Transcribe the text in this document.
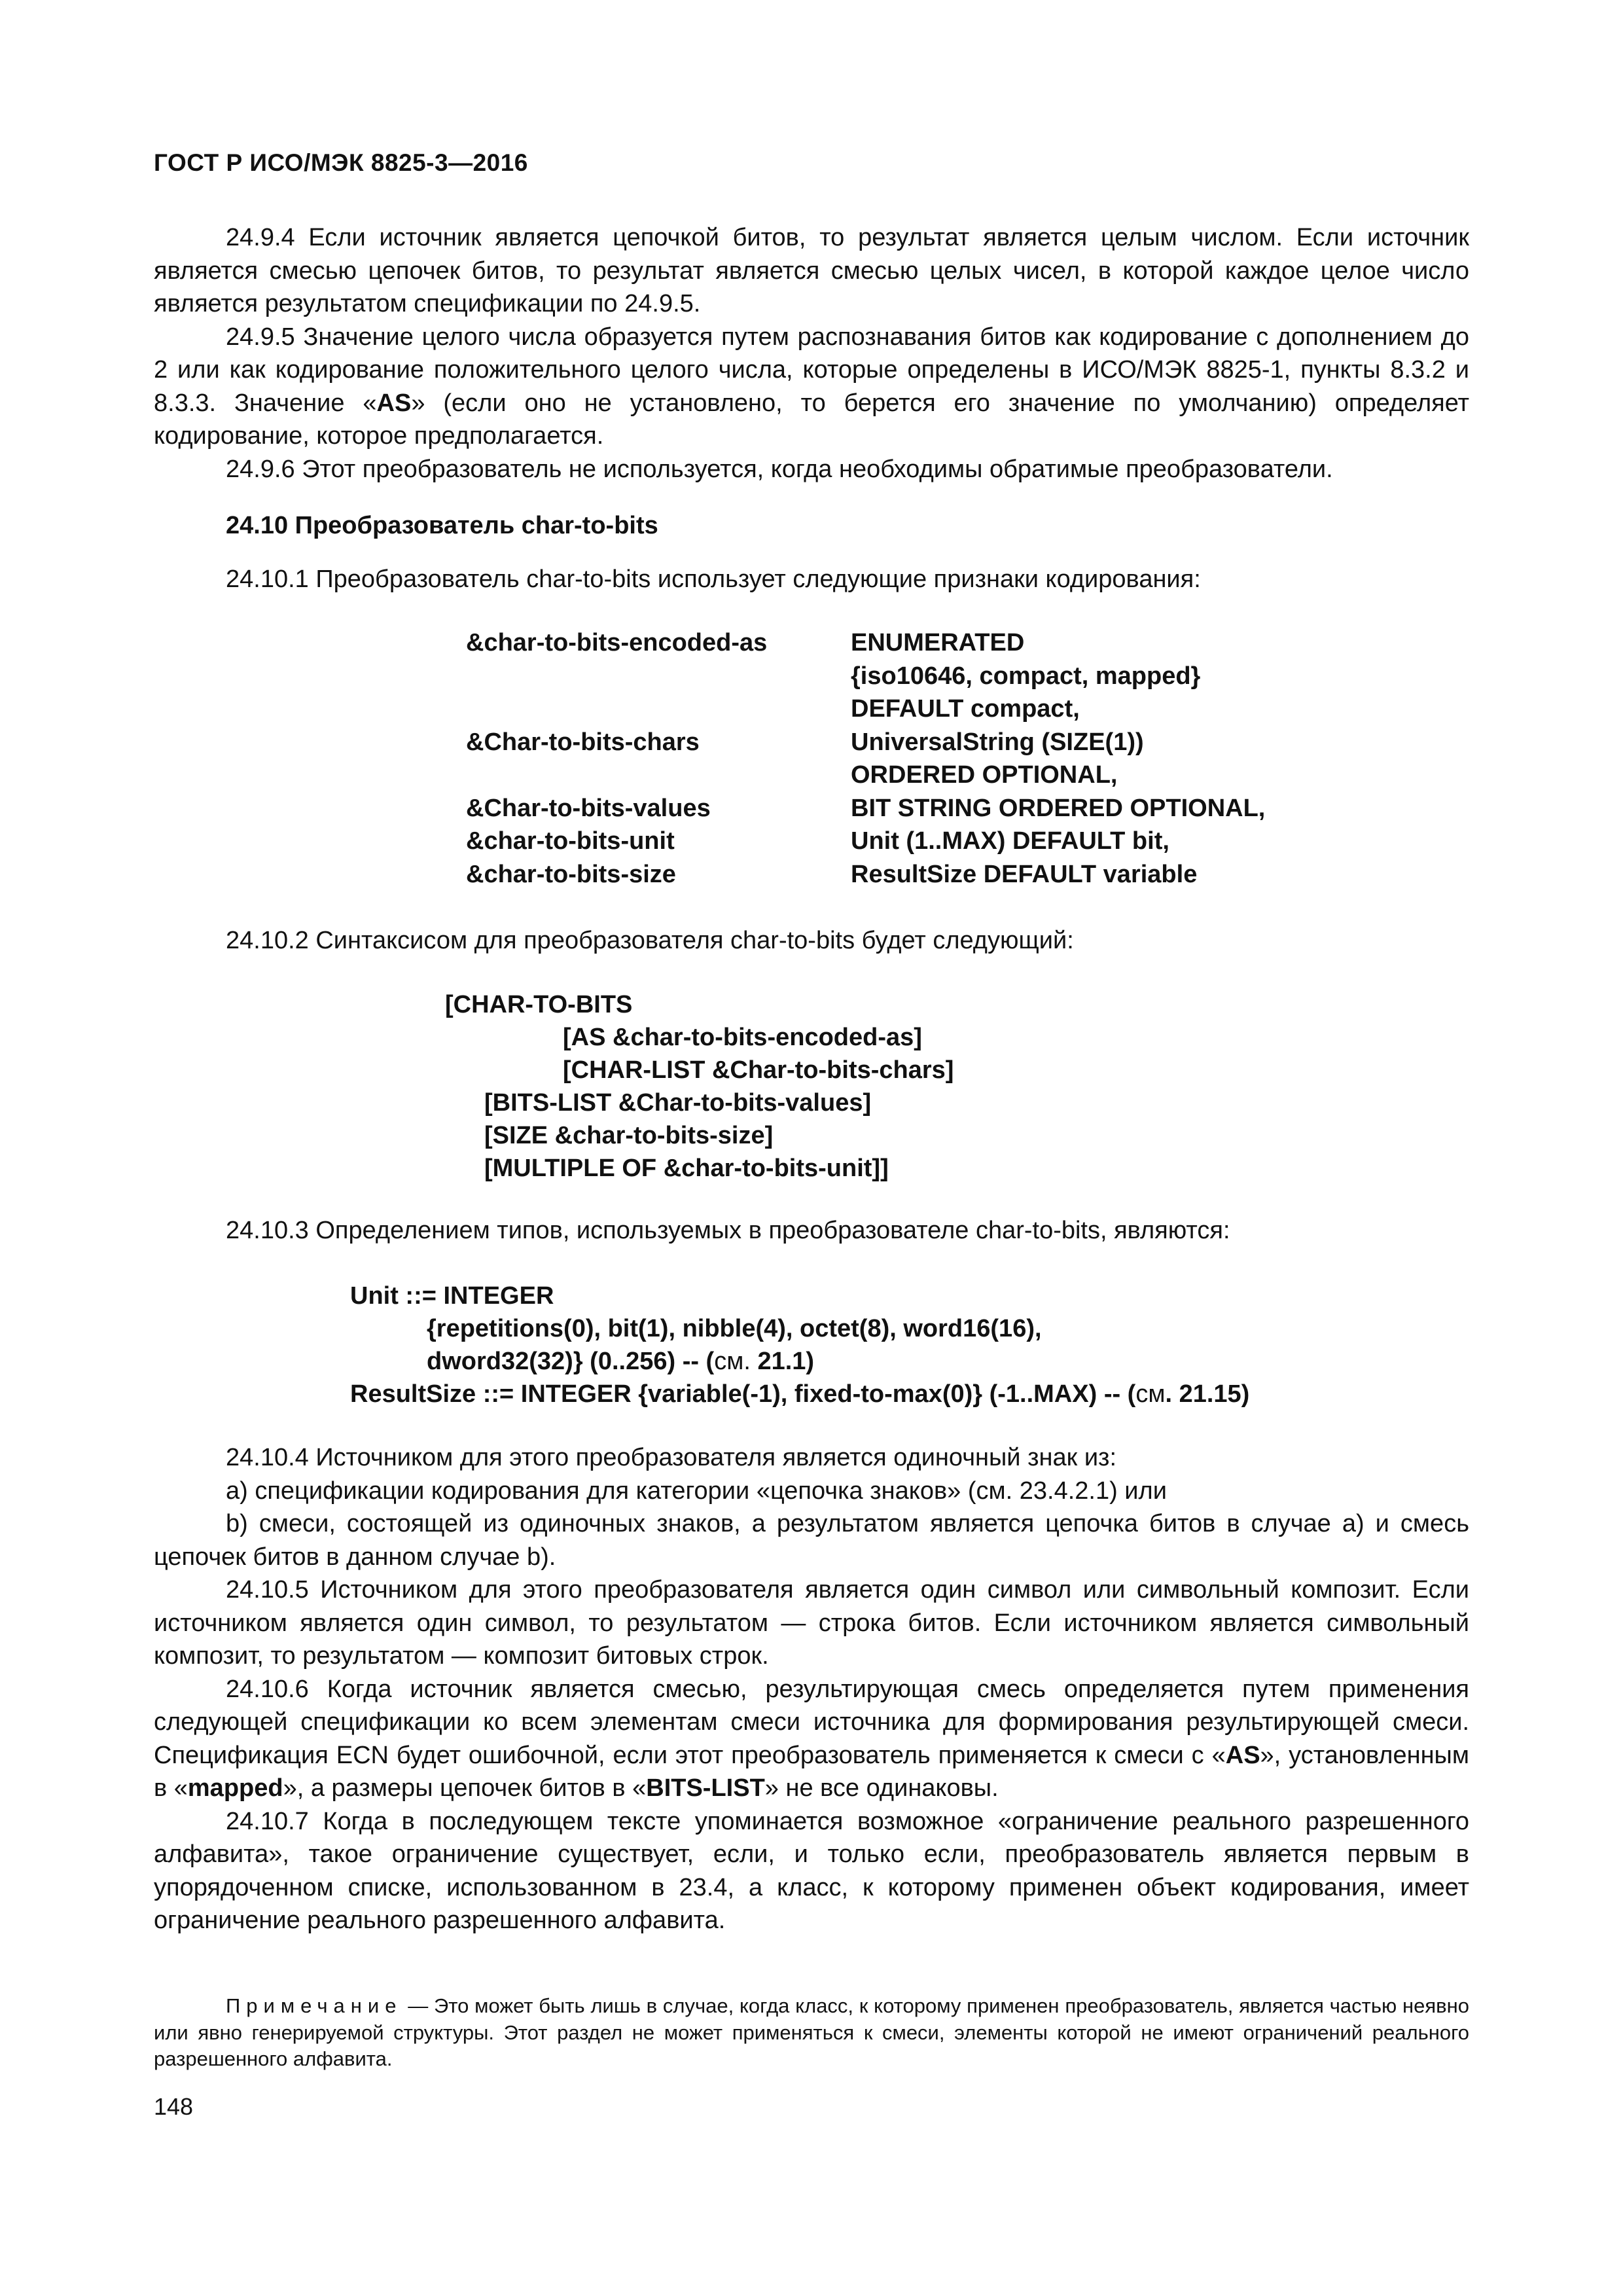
ГОСТ Р ИСО/МЭК 8825-3—2016

24.9.4 Если источник является цепочкой битов, то результат является целым числом. Если источник является смесью цепочек битов, то результат является смесью целых чисел, в которой каждое целое число является результатом спецификации по 24.9.5.

24.9.5 Значение целого числа образуется путем распознавания битов как кодирование с дополнением до 2 или как кодирование положительного целого числа, которые определены в ИСО/МЭК 8825-1, пункты 8.3.2 и 8.3.3. Значение «AS» (если оно не установлено, то берется его значение по умолчанию) определяет кодирование, которое предполагается.

24.9.6 Этот преобразователь не используется, когда необходимы обратимые преобразователи.

24.10 Преобразователь char-to-bits
24.10.1 Преобразователь char-to-bits использует следующие признаки кодирования:
&char-to-bits-encoded-as	ENUMERATED
{iso10646, compact, mapped}
DEFAULT compact,
&Char-to-bits-chars	UniversalString (SIZE(1))
ORDERED OPTIONAL,
&Char-to-bits-values	BIT STRING ORDERED OPTIONAL,
&char-to-bits-unit	Unit (1..MAX) DEFAULT bit,
&char-to-bits-size	ResultSize DEFAULT variable
24.10.2 Синтаксисом для преобразователя char-to-bits будет следующий:
[CHAR-TO-BITS
[AS &char-to-bits-encoded-as]
[CHAR-LIST &Char-to-bits-chars]
[BITS-LIST &Char-to-bits-values]
[SIZE &char-to-bits-size]
[MULTIPLE OF &char-to-bits-unit]]
24.10.3 Определением типов, используемых в преобразователе char-to-bits, являются:
Unit ::= INTEGER
{repetitions(0), bit(1), nibble(4), octet(8), word16(16),
dword32(32)} (0..256) -- (см. 21.1)
ResultSize ::= INTEGER {variable(-1), fixed-to-max(0)} (-1..MAX) -- (см. 21.15)

24.10.4 Источником для этого преобразователя является одиночный знак из:

a) спецификации кодирования для категории «цепочка знаков» (см. 23.4.2.1) или

b) смеси, состоящей из одиночных знаков, а результатом является цепочка битов в случае a) и смесь цепочек битов в данном случае b).

24.10.5 Источником для этого преобразователя является один символ или символьный композит. Если источником является один символ, то результатом — строка битов. Если источником является символьный композит, то результатом — композит битовых строк.

24.10.6 Когда источник является смесью, результирующая смесь определяется путем применения следующей спецификации ко всем элементам смеси источника для формирования результирующей смеси. Спецификация ECN будет ошибочной, если этот преобразователь применяется к смеси с «AS», установленным в «mapped», а размеры цепочек битов в «BITS-LIST» не все одинаковы.

24.10.7 Когда в последующем тексте упоминается возможное «ограничение реального разрешенного алфавита», такое ограничение существует, если, и только если, преобразователь является первым в упорядоченном списке, использованном в 23.4, а класс, к которому применен объект кодирования, имеет ограничение реального разрешенного алфавита.

Примечание — Это может быть лишь в случае, когда класс, к которому применен преобразователь, является частью неявно или явно генерируемой структуры. Этот раздел не может применяться к смеси, элементы которой не имеют ограничений реального разрешенного алфавита.
148
